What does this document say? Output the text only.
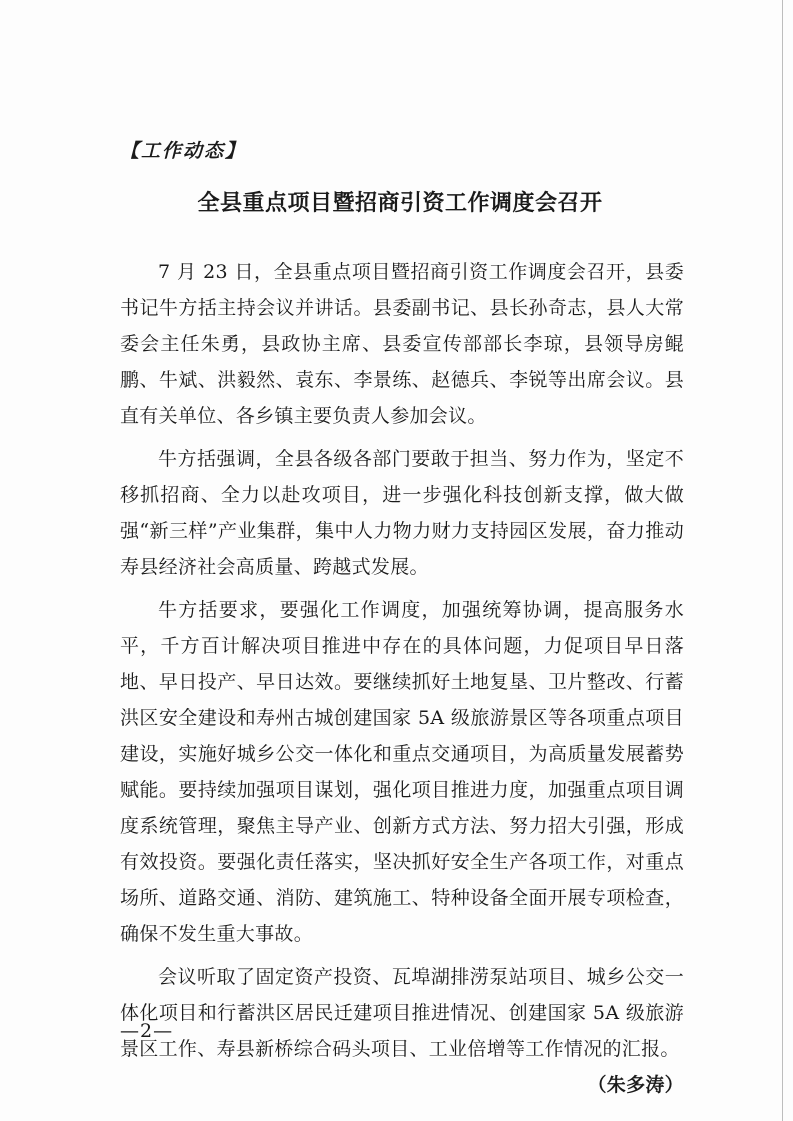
【工作动态】
全县重点项目暨招商引资工作调度会召开

7 月 23 日，全县重点项目暨招商引资工作调度会召开，县委书记牛方括主持会议并讲话。县委副书记、县长孙奇志，县人大常委会主任朱勇，县政协主席、县委宣传部部长李琼，县领导房鲲鹏、牛斌、洪毅然、袁东、李景练、赵德兵、李锐等出席会议。县直有关单位、各乡镇主要负责人参加会议。

牛方括强调，全县各级各部门要敢于担当、努力作为，坚定不移抓招商、全力以赴攻项目，进一步强化科技创新支撑，做大做强“新三样”产业集群，集中人力物力财力支持园区发展，奋力推动寿县经济社会高质量、跨越式发展。

牛方括要求，要强化工作调度，加强统筹协调，提高服务水平，千方百计解决项目推进中存在的具体问题，力促项目早日落地、早日投产、早日达效。要继续抓好土地复垦、卫片整改、行蓄洪区安全建设和寿州古城创建国家 5A 级旅游景区等各项重点项目建设，实施好城乡公交一体化和重点交通项目，为高质量发展蓄势赋能。要持续加强项目谋划，强化项目推进力度，加强重点项目调度系统管理，聚焦主导产业、创新方式方法、努力招大引强，形成有效投资。要强化责任落实，坚决抓好安全生产各项工作，对重点场所、道路交通、消防、建筑施工、特种设备全面开展专项检查，确保不发生重大事故。

会议听取了固定资产投资、瓦埠湖排涝泵站项目、城乡公交一体化项目和行蓄洪区居民迁建项目推进情况、创建国家 5A 级旅游景区工作、寿县新桥综合码头项目、工业倍增等工作情况的汇报。
（朱多涛）

—2—
